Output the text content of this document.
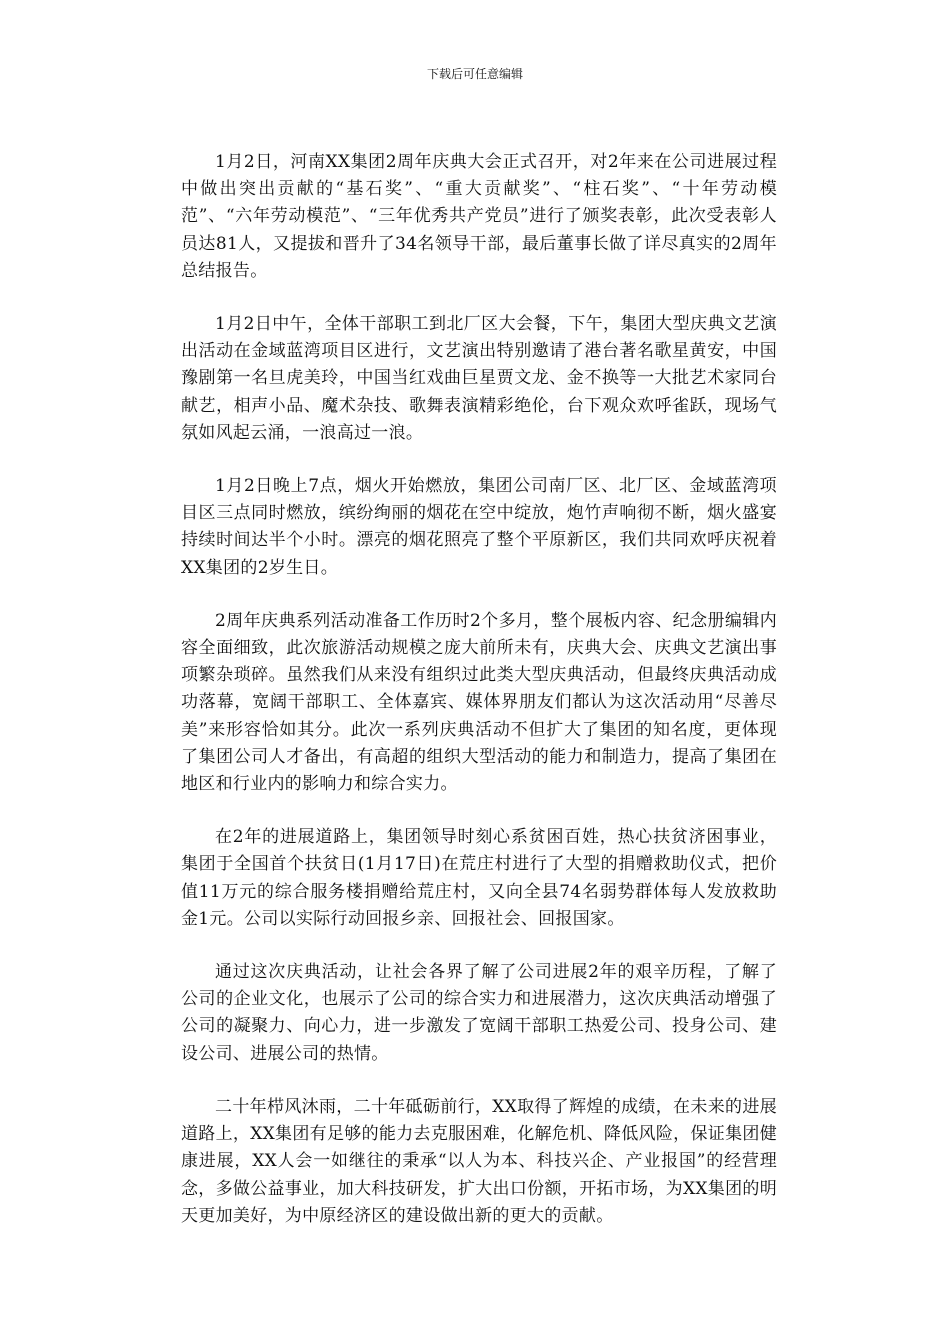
下载后可任意编辑

1月2日，河南XX集团2周年庆典大会正式召开，对2年来在公司进展过程中做出突出贡献的“基石奖”、“重大贡献奖”、“柱石奖”、“十年劳动模范”、“六年劳动模范”、“三年优秀共产党员”进行了颁奖表彰，此次受表彰人员达81人，又提拔和晋升了34名领导干部，最后董事长做了详尽真实的2周年总结报告。

1月2日中午，全体干部职工到北厂区大会餐，下午，集团大型庆典文艺演出活动在金域蓝湾项目区进行，文艺演出特别邀请了港台著名歌星黄安，中国豫剧第一名旦虎美玲，中国当红戏曲巨星贾文龙、金不换等一大批艺术家同台献艺，相声小品、魔术杂技、歌舞表演精彩绝伦，台下观众欢呼雀跃，现场气氛如风起云涌，一浪高过一浪。

1月2日晚上7点，烟火开始燃放，集团公司南厂区、北厂区、金域蓝湾项目区三点同时燃放，缤纷绚丽的烟花在空中绽放，炮竹声响彻不断，烟火盛宴持续时间达半个小时。漂亮的烟花照亮了整个平原新区，我们共同欢呼庆祝着XX集团的2岁生日。

2周年庆典系列活动准备工作历时2个多月，整个展板内容、纪念册编辑内容全面细致，此次旅游活动规模之庞大前所未有，庆典大会、庆典文艺演出事项繁杂琐碎。虽然我们从来没有组织过此类大型庆典活动，但最终庆典活动成功落幕，宽阔干部职工、全体嘉宾、媒体界朋友们都认为这次活动用“尽善尽美”来形容恰如其分。此次一系列庆典活动不但扩大了集团的知名度，更体现了集团公司人才备出，有高超的组织大型活动的能力和制造力，提高了集团在地区和行业内的影响力和综合实力。

在2年的进展道路上，集团领导时刻心系贫困百姓，热心扶贫济困事业，集团于全国首个扶贫日(1月17日)在荒庄村进行了大型的捐赠救助仪式，把价值11万元的综合服务楼捐赠给荒庄村，又向全县74名弱势群体每人发放救助金1元。公司以实际行动回报乡亲、回报社会、回报国家。

通过这次庆典活动，让社会各界了解了公司进展2年的艰辛历程，了解了公司的企业文化，也展示了公司的综合实力和进展潜力，这次庆典活动增强了公司的凝聚力、向心力，进一步激发了宽阔干部职工热爱公司、投身公司、建设公司、进展公司的热情。

二十年栉风沐雨，二十年砥砺前行，XX取得了辉煌的成绩，在未来的进展道路上，XX集团有足够的能力去克服困难，化解危机、降低风险，保证集团健康进展，XX人会一如继往的秉承“以人为本、科技兴企、产业报国”的经营理念，多做公益事业，加大科技研发，扩大出口份额，开拓市场，为XX集团的明天更加美好，为中原经济区的建设做出新的更大的贡献。
